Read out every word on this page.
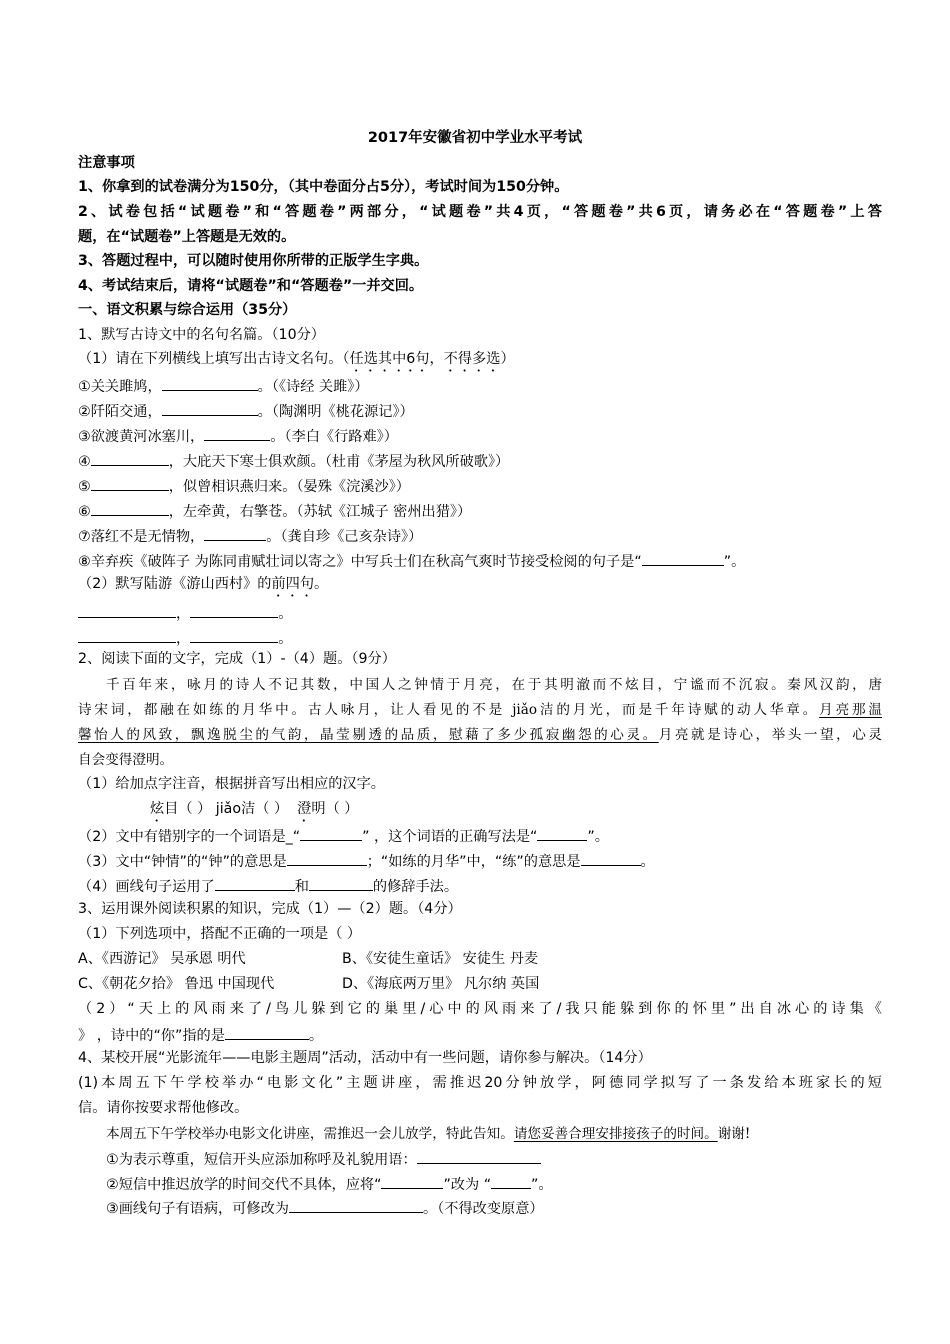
2017年安徽省初中学业水平考试
注意事项
1、你拿到的试卷满分为150分，（其中卷面分占5分），考试时间为150分钟。
2、试卷包括“试题卷”和“答题卷”两部分，“试题卷”共4页，“答题卷”共6页，请务必在“答题卷”上答
题，在“试题卷”上答题是无效的。
3、答题过程中，可以随时使用你所带的正版学生字典。
4、考试结束后，请将“试题卷”和“答题卷”一并交回。
一、语文积累与综合运用（35分）
1、默写古诗文中的名句名篇。（10分）
（1）请在下列横线上填写出古诗文名句。（任选其中6句，不得多选）
①关关雎鸠，	。（《诗经 关雎》）
②阡陌交通，	。（陶渊明《桃花源记》）
③欲渡黄河冰塞川，	。（李白《行路难》）
④	，大庇天下寒士俱欢颜。（杜甫《茅屋为秋风所破歌》）
⑤	，似曾相识燕归来。（晏殊《浣溪沙》）
⑥	，左牵黄，右擎苍。（苏轼《江城子 密州出猎》）
⑦落红不是无情物，	。（龚自珍《己亥杂诗》）
⑧辛弃疾《破阵子 为陈同甫赋壮词以寄之》中写兵士们在秋高气爽时节接受检阅的句子是“	”。
（2）默写陆游《游山西村》的前四句。
，	。
，	。
2、阅读下面的文字，完成（1）-（4）题。（9分）
千百年来，咏月的诗人不记其数，中国人之钟情于月亮，在于其明澈而不炫目，宁谧而不沉寂。秦风汉韵，唐
诗宋词，都融在如练的月华中。古人咏月，让人看见的不是 jiǎo洁的月光，而是千年诗赋的动人华章。月亮那温
馨怡人的风致，飘逸脱尘的气韵，晶莹剔透的品质，慰藉了多少孤寂幽怨的心灵。月亮就是诗心，举头一望，心灵
自会变得澄明。
（1）给加点字注音，根据拼音写出相应的汉字。
炫目（ ） jiǎo洁（ ） 澄明（ ）
（2）文中有错别字的一个词语是_“	” ，这个词语的正确写法是“	”。
（3）文中“钟情”的“钟”的意思是	；“如练的月华”中，“练”的意思是	。
（4）画线句子运用了	和	的修辞手法。
3、运用课外阅读积累的知识，完成（1）—（2）题。（4分）
（1）下列选项中，搭配不正确的一项是（ ）
A、《西游记》 吴承恩 明代	B、《安徒生童话》 安徒生 丹麦
C、《朝花夕拾》 鲁迅 中国现代	D、《海底两万里》 凡尔纳 英国
（2）“天上的风雨来了/鸟儿躲到它的巢里/心中的风雨来了/我只能躲到你的怀里”出自冰心的诗集《
》 ，诗中的“你”指的是	。
4、某校开展“光影流年——电影主题周”活动，活动中有一些问题，请你参与解决。（14分）
(1)本周五下午学校举办“电影文化”主题讲座，需推迟20分钟放学，阿德同学拟写了一条发给本班家长的短
信。请你按要求帮他修改。
本周五下午学校举办电影文化讲座，需推迟一会儿放学，特此告知。请您妥善合理安排接孩子的时间。谢谢!
①为表示尊重，短信开头应添加称呼及礼貌用语：
②短信中推迟放学的时间交代不具体，应将“	”改为 “	”。
③画线句子有语病，可修改为	。（不得改变原意）
